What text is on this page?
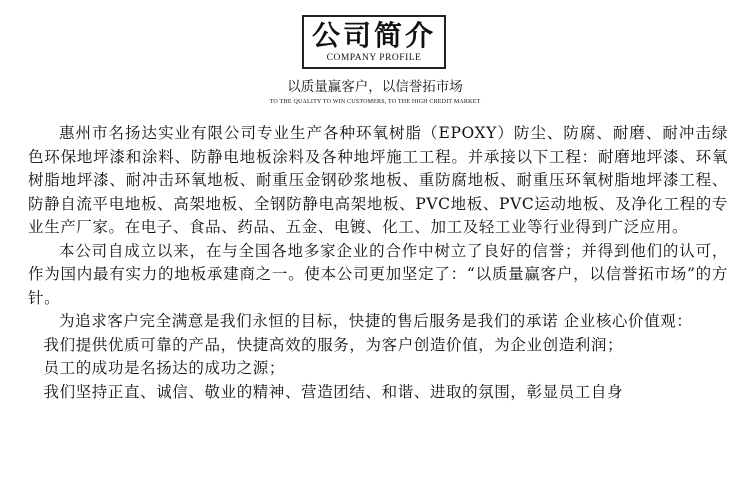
公司简介
COMPANY PROFILE
以质量赢客户，以信誉拓市场
TO THE QUALITY TO WIN CUSTOMERS, TO THE HIGH CREDIT MARKET

惠州市名扬达实业有限公司专业生产各种环氧树脂（EPOXY）防尘、防腐、耐磨、耐冲击绿色环保地坪漆和涂料、防静电地板涂料及各种地坪施工工程。并承接以下工程：耐磨地坪漆、环氧树脂地坪漆、耐冲击环氧地板、耐重压金钢砂浆地板、重防腐地板、耐重压环氧树脂地坪漆工程、防静自流平电地板、高架地板、全钢防静电高架地板、PVC地板、PVC运动地板、及净化工程的专业生产厂家。在电子、食品、药品、五金、电镀、化工、加工及轻工业等行业得到广泛应用。

本公司自成立以来，在与全国各地多家企业的合作中树立了良好的信誉；并得到他们的认可，作为国内最有实力的地板承建商之一。使本公司更加坚定了：“以质量赢客户，以信誉拓市场”的方针。

为追求客户完全满意是我们永恒的目标，快捷的售后服务是我们的承诺 企业核心价值观：

我们提供优质可靠的产品，快捷高效的服务，为客户创造价值，为企业创造利润；

员工的成功是名扬达的成功之源；

我们坚持正直、诚信、敬业的精神、营造团结、和谐、进取的氛围，彰显员工自身
